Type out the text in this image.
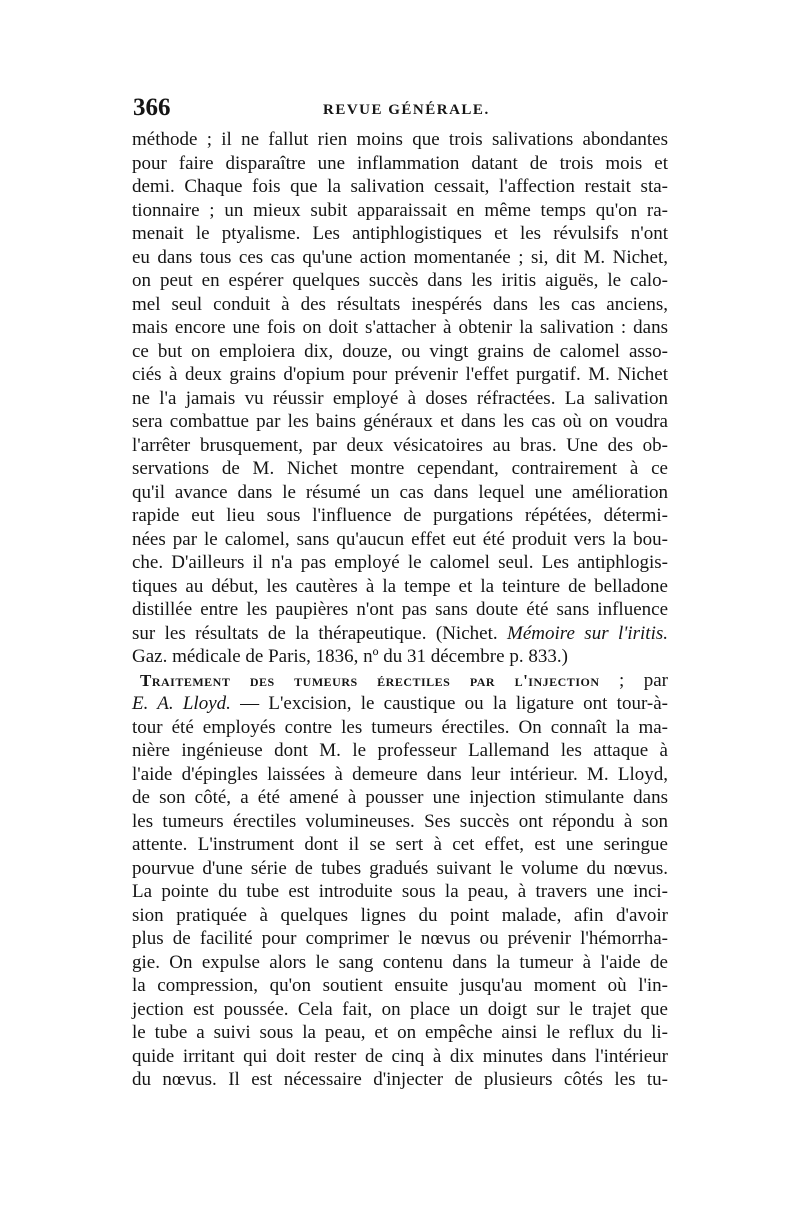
366	REVUE GÉNÉRALE.
méthode ; il ne fallut rien moins que trois salivations abondantes
pour faire disparaître une inflammation datant de trois mois et
demi. Chaque fois que la salivation cessait, l'affection restait sta-
tionnaire ; un mieux subit apparaissait en même temps qu'on ra-
menait le ptyalisme. Les antiphlogistiques et les révulsifs n'ont
eu dans tous ces cas qu'une action momentanée ; si, dit M. Nichet,
on peut en espérer quelques succès dans les iritis aiguës, le calo-
mel seul conduit à des résultats inespérés dans les cas anciens,
mais encore une fois on doit s'attacher à obtenir la salivation : dans
ce but on emploiera dix, douze, ou vingt grains de calomel asso-
ciés à deux grains d'opium pour prévenir l'effet purgatif. M. Nichet
ne l'a jamais vu réussir employé à doses réfractées. La salivation
sera combattue par les bains généraux et dans les cas où on voudra
l'arrêter brusquement, par deux vésicatoires au bras. Une des ob-
servations de M. Nichet montre cependant, contrairement à ce
qu'il avance dans le résumé un cas dans lequel une amélioration
rapide eut lieu sous l'influence de purgations répétées, détermi-
nées par le calomel, sans qu'aucun effet eut été produit vers la bou-
che. D'ailleurs il n'a pas employé le calomel seul. Les antiphlogis-
tiques au début, les cautères à la tempe et la teinture de belladone
distillée entre les paupières n'ont pas sans doute été sans influence
sur les résultats de la thérapeutique. (Nichet. Mémoire sur l'iritis.
Gaz. médicale de Paris, 1836, nº du 31 décembre p. 833.)
Traitement des tumeurs érectiles par l'injection ; par
E. A. Lloyd. — L'excision, le caustique ou la ligature ont tour-à-
tour été employés contre les tumeurs érectiles. On connaît la ma-
nière ingénieuse dont M. le professeur Lallemand les attaque à
l'aide d'épingles laissées à demeure dans leur intérieur. M. Lloyd,
de son côté, a été amené à pousser une injection stimulante dans
les tumeurs érectiles volumineuses. Ses succès ont répondu à son
attente. L'instrument dont il se sert à cet effet, est une seringue
pourvue d'une série de tubes gradués suivant le volume du nœvus.
La pointe du tube est introduite sous la peau, à travers une inci-
sion pratiquée à quelques lignes du point malade, afin d'avoir
plus de facilité pour comprimer le nœvus ou prévenir l'hémorrha-
gie. On expulse alors le sang contenu dans la tumeur à l'aide de
la compression, qu'on soutient ensuite jusqu'au moment où l'in-
jection est poussée. Cela fait, on place un doigt sur le trajet que
le tube a suivi sous la peau, et on empêche ainsi le reflux du li-
quide irritant qui doit rester de cinq à dix minutes dans l'intérieur
du nœvus. Il est nécessaire d'injecter de plusieurs côtés les tu-
